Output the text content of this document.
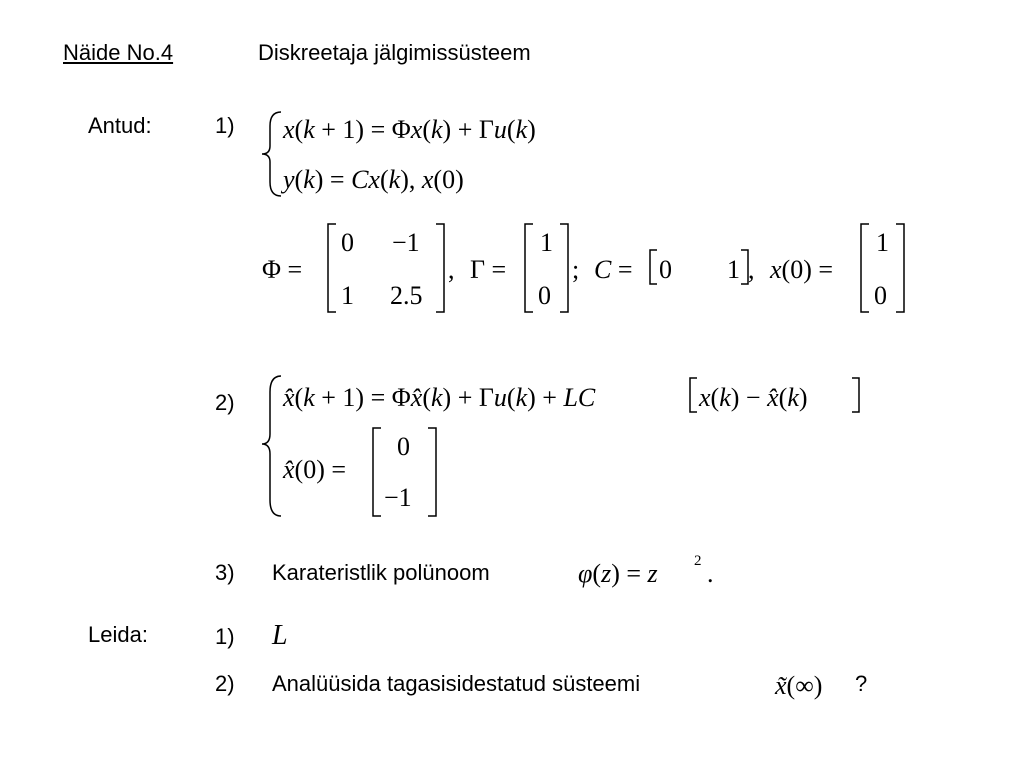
Näide No.4	Diskreetaja jälgimissüsteem
Antud:	1)
2)
3) Karateristlik polünoom
Leida:	1) L
2) Analüüsida tagasisidestatud süsteemi	?
x(k + 1) = Φx(k) + Γu(k)
y(k) = Cx(k), x(0)
Φ =
0 −1
1 2.5
, Γ =
1
0
; C = 0 1 , x(0) =
1
0
x̂(k + 1) = Φx̂(k) + Γu(k) + LC	x(k) − x̂(k)
x̂(0) =
0
−1
φ(z) = z 2 .
x̃(∞)
